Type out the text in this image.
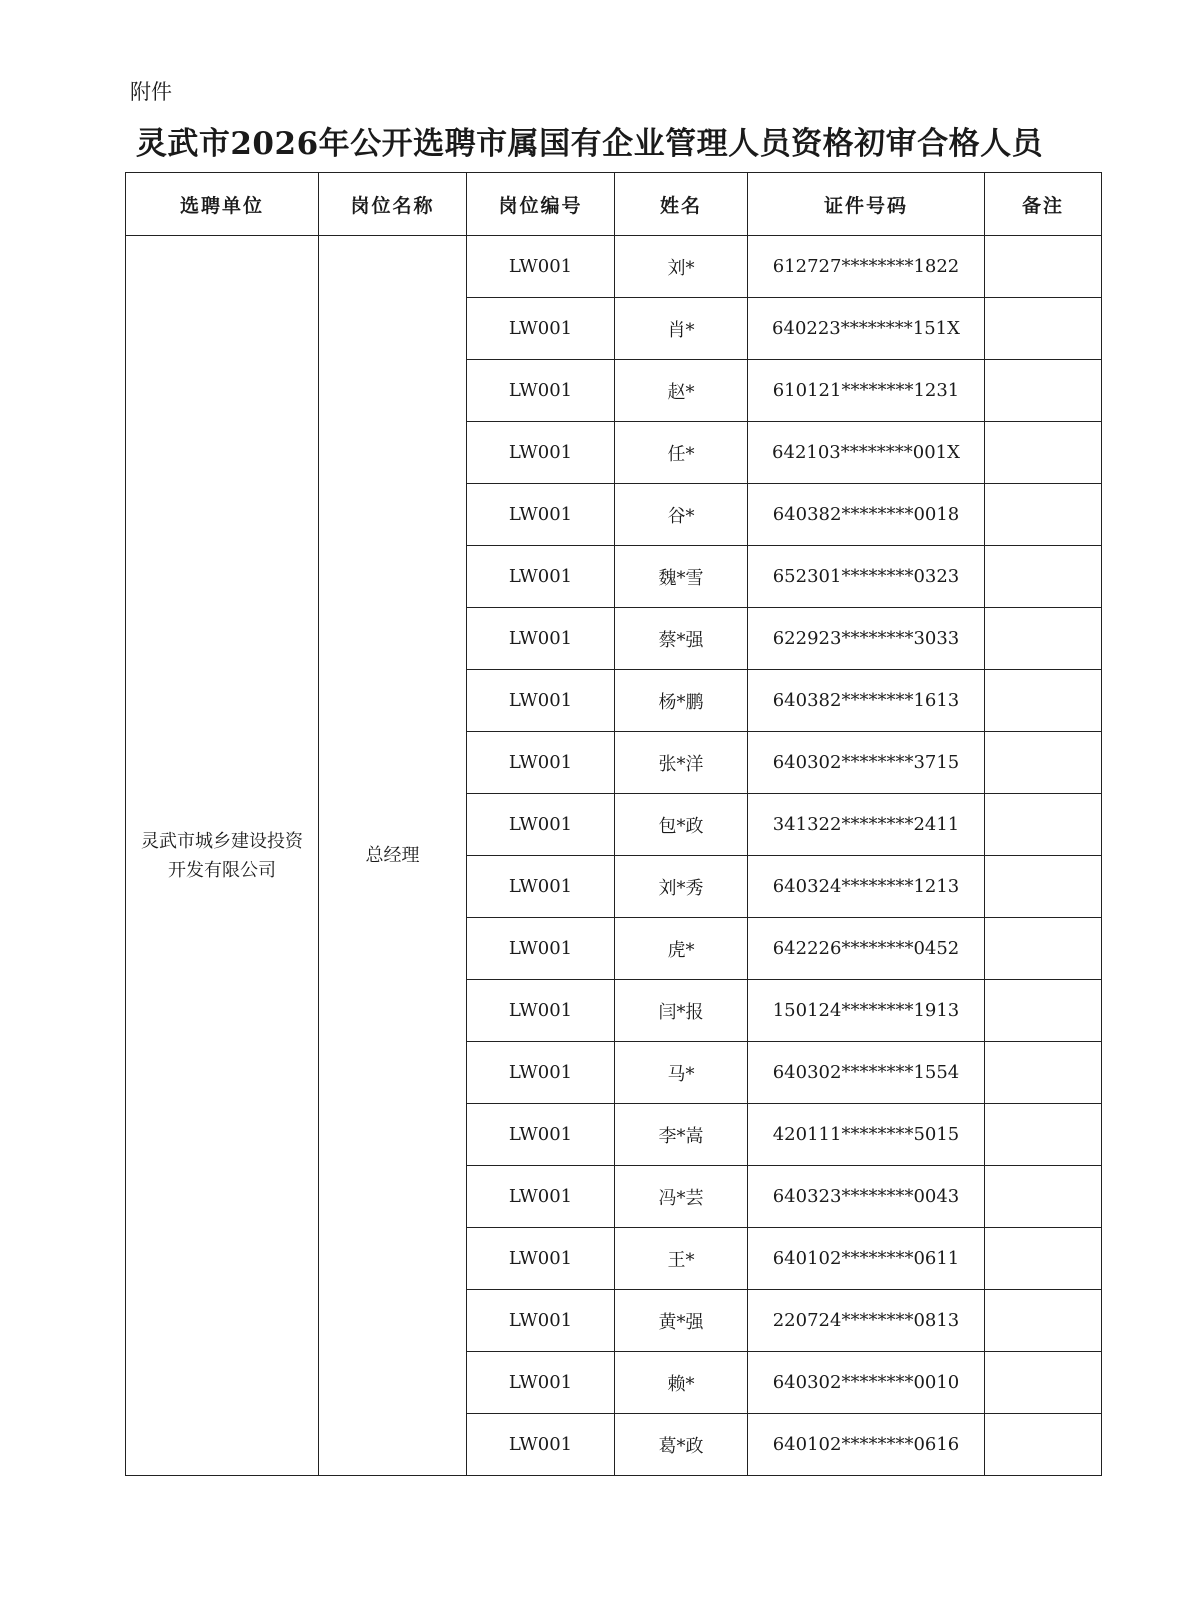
附件
灵武市2026年公开选聘市属国有企业管理人员资格初审合格人员
选聘单位	岗位名称	岗位编号	姓名	证件号码	备注

灵武市城乡建设投资
开发有限公司	总经理	LW001	刘*	612727********1822	
		LW001	肖*	640223********151X	
		LW001	赵*	610121********1231	
		LW001	任*	642103********001X	
		LW001	谷*	640382********0018	
		LW001	魏*雪	652301********0323	
		LW001	蔡*强	622923********3033	
		LW001	杨*鹏	640382********1613	
		LW001	张*洋	640302********3715	
		LW001	包*政	341322********2411	
		LW001	刘*秀	640324********1213	
		LW001	虎*	642226********0452	
		LW001	闫*报	150124********1913	
		LW001	马*	640302********1554	
		LW001	李*嵩	420111********5015	
		LW001	冯*芸	640323********0043	
		LW001	王*	640102********0611	
		LW001	黄*强	220724********0813	
		LW001	赖*	640302********0010	
		LW001	葛*政	640102********0616	
